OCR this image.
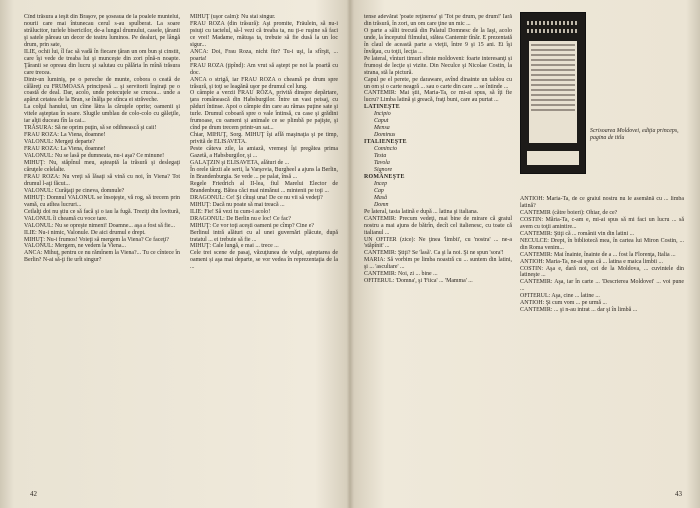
Cînd trăsura a ieşit din Braşov, pe şoseaua de la poalele muntelui, nourii care mai întunecau cerul s-au spulberat. La soare strălucitor, turlele bisericilor, de-a lungul drumului, casele, ţăranii şi satele păreau un decor de teatru luminos. Pe dealuri, pe lângă drum, prin sate,

ILIE, ochii lui, îl fac să vadă în fiecare ţăran un om bun şi cinstit, care îşi vede de treaba lui şi munceşte din zori pînă-n noapte. Ţăranii se opreau din lucru şi salutau cu pălăria în mînă trăsura care trecea.

Dintr-un luminiş, pe o pereche de munte, cobora o ceată de călăreţi cu FRUMOASA principesă ... şi servitorii înşiraţi pe o coastă de deal. Dar, acolo, unde potecuţele se crucea... unde a apărut cetatea de la Bran, se înălţa pe stînca ei străveche.

La colţul hanului, un cîine lătra la căruţele oprite; oamenii şi vitele aşteptau în soare. Slugile umblau de colo-colo cu găleţile, iar alţii duceau fîn la cai...

TRĂSURA: Să ne oprim puţin, să se odihnească şi caii!

FRAU ROZA: La Viena, doamne!

VALONUL: Mergeţi departe?

FRAU ROZA: La Viena, doamne!

VALONUL: Nu se lasă pe dumneata, nu-i aşa? Ce minune!

MIHUŢ: Nu, stăpînul meu, aşteaptă la trăsură şi deslegaţi căruţele celelalte.

FRAU ROZA: Nu vreţi să lăsaţi să vină cu noi, în Viena? Tot drumul l-aţi făcut...

VALONUL: Curăţaţi pe cineva, domnule?

MIHUŢ: Domnul VALONUL se însoţeşte, vă rog, să trecem prin vamă, cu atîtea lucruri...

Ceilalţi doi nu ştiu ce să facă şi o iau la fugă. Treziţi din lovitură, VALONUL îi cheamă cu voce tare.

VALONUL: Nu se opreşte nimeni! Doamne... aşa a fost să fie...

ILIE: Nu-i nimic, Valonule. De aici drumul e drept.

MIHUŢ: Nu-i frumos! Voieţi să mergem la Viena? Ce faceţi?

VALONUL: Mergem, ne vedem la Viena...

ANCA: Mihuţ, pentru ce nu rămînem la Viena?... Tu ce cîntece în Berlin? N-ai să-ţi fie urît singur?

MIHUŢ (uşor calm): Nu stai singur.

FRAU ROZA (din trăsură): Aşi promite, Fräulein, să nu-i psiuţi cu tactelul, să-l vezi că treaba ta, nu ţi-e ruşine să faci ce vrei! Madame, mătuşa ta, trebuie să fie dusă la un loc sigur...

ANCA: Doi, Frau Roza, nicht für? Tu-i uşi, la sfîrşit, ... poarta!

FRAU ROZA (ţipînd): Am vrut să aştept pe noi la poartă cu doc.

ANCA o strigă, iar FRAU ROZA o cheamă pe drum spre trăsură, şi toţi se leagănă uşor pe drumul cel lung.

O câmpie a verzii FRAU ROZA, privită dinspre depărtare, ţara românească din Habsburgilor. Între un vast peisaj, cu păduri întinse. Apoi o câmpie din care au rămas puţine sate şi turle. Drumul coboară spre o vale întinsă, cu case şi grădini frumoase, cu oameni și animale ce se plimbă pe pajişte, şi cînd pe drum trecem printr-un sat...

Chiar, MIHUŢ, Sorg. MIHUŢ îşi află maşinaţia şi pe timp, privită de ELISAVETA.

Peste câteva zile, la amiază, vremeşi îşi pregătea prima Gazetă, a Habsburgilor, şi ...

GALAŢZIN şi ELISAVETA, alături de ...

În orele târzii ale serii, la Varşovia, Burgheel a ajuns la Berlin, în Brandenburgia. Se vede ... pe palat, însă ...

Regele Friedrich al II-lea, fiul Marelui Elector de Brandenburg. Bătea căci mai nimănui ... mintenii pe toţi ...

DRAGONUL: Ce! Şi cîtuşi una! De ce nu vii să vedeţi?

MIHUŢ: Dacă nu poate să mai treacă ...

ILIE: Fie! Să vezi tu cum-i acolo!

DRAGONUL: De Berlin nu e loc! Ce fac?

MIHUŢ: Ce vor toţi aceşti oameni pe cîmp? Cine e?

Berlinul intră alături cu al unei guvernări plăcute, după tratatul ... ei trebuie să fie ...

MIHUŢ: Cale lungă, e mai ... trece ...

Cele trei scene de pasaj, văzuţiunea de vulpi, aşteptarea de oameni și aşa mai departe, se vor vedea în reprezentaţia de la ...

42

tense adevărat 'poate reţinerea' şi 'Tot pe drum, pe drum!' Iară din trăsură, în zori, un om care ţine un mic ...

O parte a sălii trecută din Palatul Domnesc de la Iaşi, acolo unde, la începutul filmului, stătea Cantemir tînăr. E prezentată în claul de această parte a vieţii, între 9 şi 15 ani. Ei îşi învăţau, cu toţii, lecţia ...

Pe lateral, vînturi timuri sfinte moldoveni: foarte interesanţi și frumoși de lecţie și vizite. Din Neculce şi Nicolae Costin, la strana, stă la pictură.

Capul pe el perete, pe daraware, avînd dinainte un tablou cu un om și o carte neagră ... sau o carte din care ... se întinde ...

CANTEMIR: Mai ştii, Maria-Ta, ce mi-ai spus, să îţi fie lucru? Limba latină şi greacă, fraţi buni, care au purtat ...

LATINEŞTE

Incipio
Caput
Mensa
Dominus

ITALIENEŞTE

Comincio
Testa
Tavola
Signore

ROMÂNEŞTE

Incep
Cap
Masă
Domn

Pe lateral, tasta latină e după ... latina şi italiana.

CANTEMIR: Precum vedeţi, mai bine de mirare că graiul nostru a mai ajuns de bătrîn, decît cel italienesc, cu toate că italianul ...

UN OFITER (zice): Ne ţinea 'limbii', cu 'nostra' ... ne-a 'stăpînit' ...

CANTEMIR: Ştiţi? Se 'lasă'. Ca şi la noi. Şi ne spun 'sora'!

MARIA: Să vorbim pe limba noastră cu ... suntem din latini, şi ... 'ascultare' ...

CANTEMIR: Noi, zi ... bine ...

OFITERUL: 'Domna', şi 'Fiica' ... 'Mamma' ...

Scrisoarea Moldovei, ediţia princeps, pagina de titlu

ANTIOH: Maria-Ta, de ce graiul nostru nu le asemănă cu ... limba latină?

CANTEMIR (către boieri): Ohiar, de ce?

COSTIN: Măria-Ta, c-am e, mi-ai spus să mi faci un lucru ... să avem cu toţii amintire...

CANTEMIR: Ştiţi că ... românii vin din latini ...

NECULCE: Drept, în bibliotecă mea, în cartea lui Miron Costin, ... din Roma venim...

CANTEMIR: Mai înainte, înainte de a ... fost la Florenţa, Italia ...

ANTIOH: Maria-Ta, ne-ai spus că ... latina e maica limbii ...

COSTIN: Aşa e, dară noi, cei de la Moldova, ... cuvintele din latineşte ...

CANTEMIR: Aşa, iar în carte ... 'Descrierea Moldovei' ... voi pune ...

OFITERUL: Aşa, cine ... latine ...

ANTIOH: Şi cum vom ... pe urmă ...

CANTEMIR: ... şi n-au intrat ... dar şi în limbă ...

43
